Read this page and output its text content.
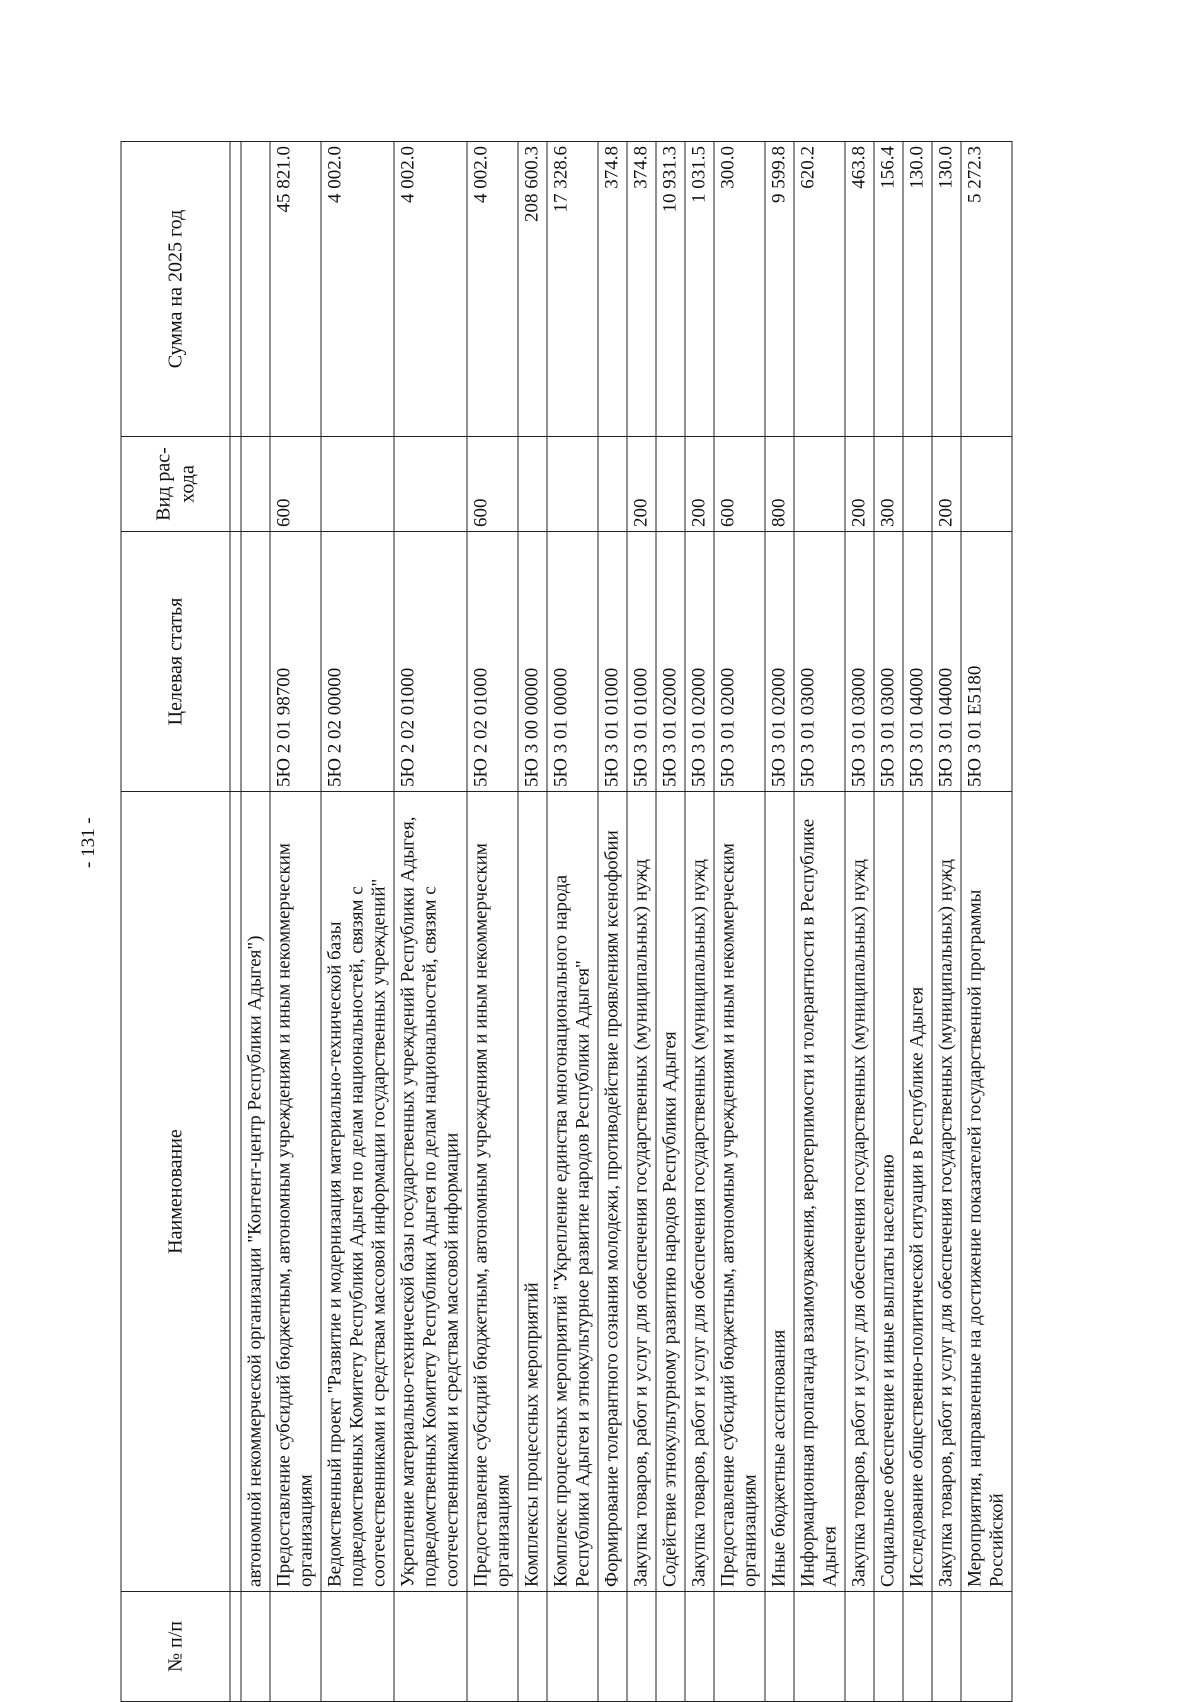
- 131 -
№ п/п	Наименование	Целевая статья	Вид рас-хода	Сумма на 2025 год

	автономной некоммерческой организации "Контент-центр Республики Адыгея")			
	Предоставление субсидий бюджетным, автономным учреждениям и иным некоммерческим организациям	5Ю 2 01 98700	600	45 821.0
	Ведомственный проект "Развитие и модернизация материально-технической базы подведомственных Комитету Республики Адыгея по делам национальностей, связям с соотечественниками и средствам массовой информации государственных учреждений"	5Ю 2 02 00000		4 002.0
	Укрепление материально-технической базы государственных учреждений Республики Адыгея, подведомственных Комитету Республики Адыгея по делам национальностей, связям с соотечественниками и средствам массовой информации	5Ю 2 02 01000		4 002.0
	Предоставление субсидий бюджетным, автономным учреждениям и иным некоммерческим организациям	5Ю 2 02 01000	600	4 002.0
	Комплексы процессных мероприятий	5Ю 3 00 00000		208 600.3
	Комплекс процессных мероприятий "Укрепление единства многонационального народа Республики Адыгея и этнокультурное развитие народов Республики Адыгея"	5Ю 3 01 00000		17 328.6
	Формирование толерантного сознания молодежи, противодействие проявлениям ксенофобии	5Ю 3 01 01000		374.8
	Закупка товаров, работ и услуг для обеспечения государственных (муниципальных) нужд	5Ю 3 01 01000	200	374.8
	Содействие этнокультурному развитию народов Республики Адыгея	5Ю 3 01 02000		10 931.3
	Закупка товаров, работ и услуг для обеспечения государственных (муниципальных) нужд	5Ю 3 01 02000	200	1 031.5
	Предоставление субсидий бюджетным, автономным учреждениям и иным некоммерческим организациям	5Ю 3 01 02000	600	300.0
	Иные бюджетные ассигнования	5Ю 3 01 02000	800	9 599.8
	Информационная пропаганда взаимоуважения, веротерпимости и толерантности в Республике Адыгея	5Ю 3 01 03000		620.2
	Закупка товаров, работ и услуг для обеспечения государственных (муниципальных) нужд	5Ю 3 01 03000	200	463.8
	Социальное обеспечение и иные выплаты населению	5Ю 3 01 03000	300	156.4
	Исследование общественно-политической ситуации в Республике Адыгея	5Ю 3 01 04000		130.0
	Закупка товаров, работ и услуг для обеспечения государственных (муниципальных) нужд	5Ю 3 01 04000	200	130.0
	Мероприятия, направленные на достижение показателей государственной программы Российской	5Ю 3 01 Е5180		5 272.3
